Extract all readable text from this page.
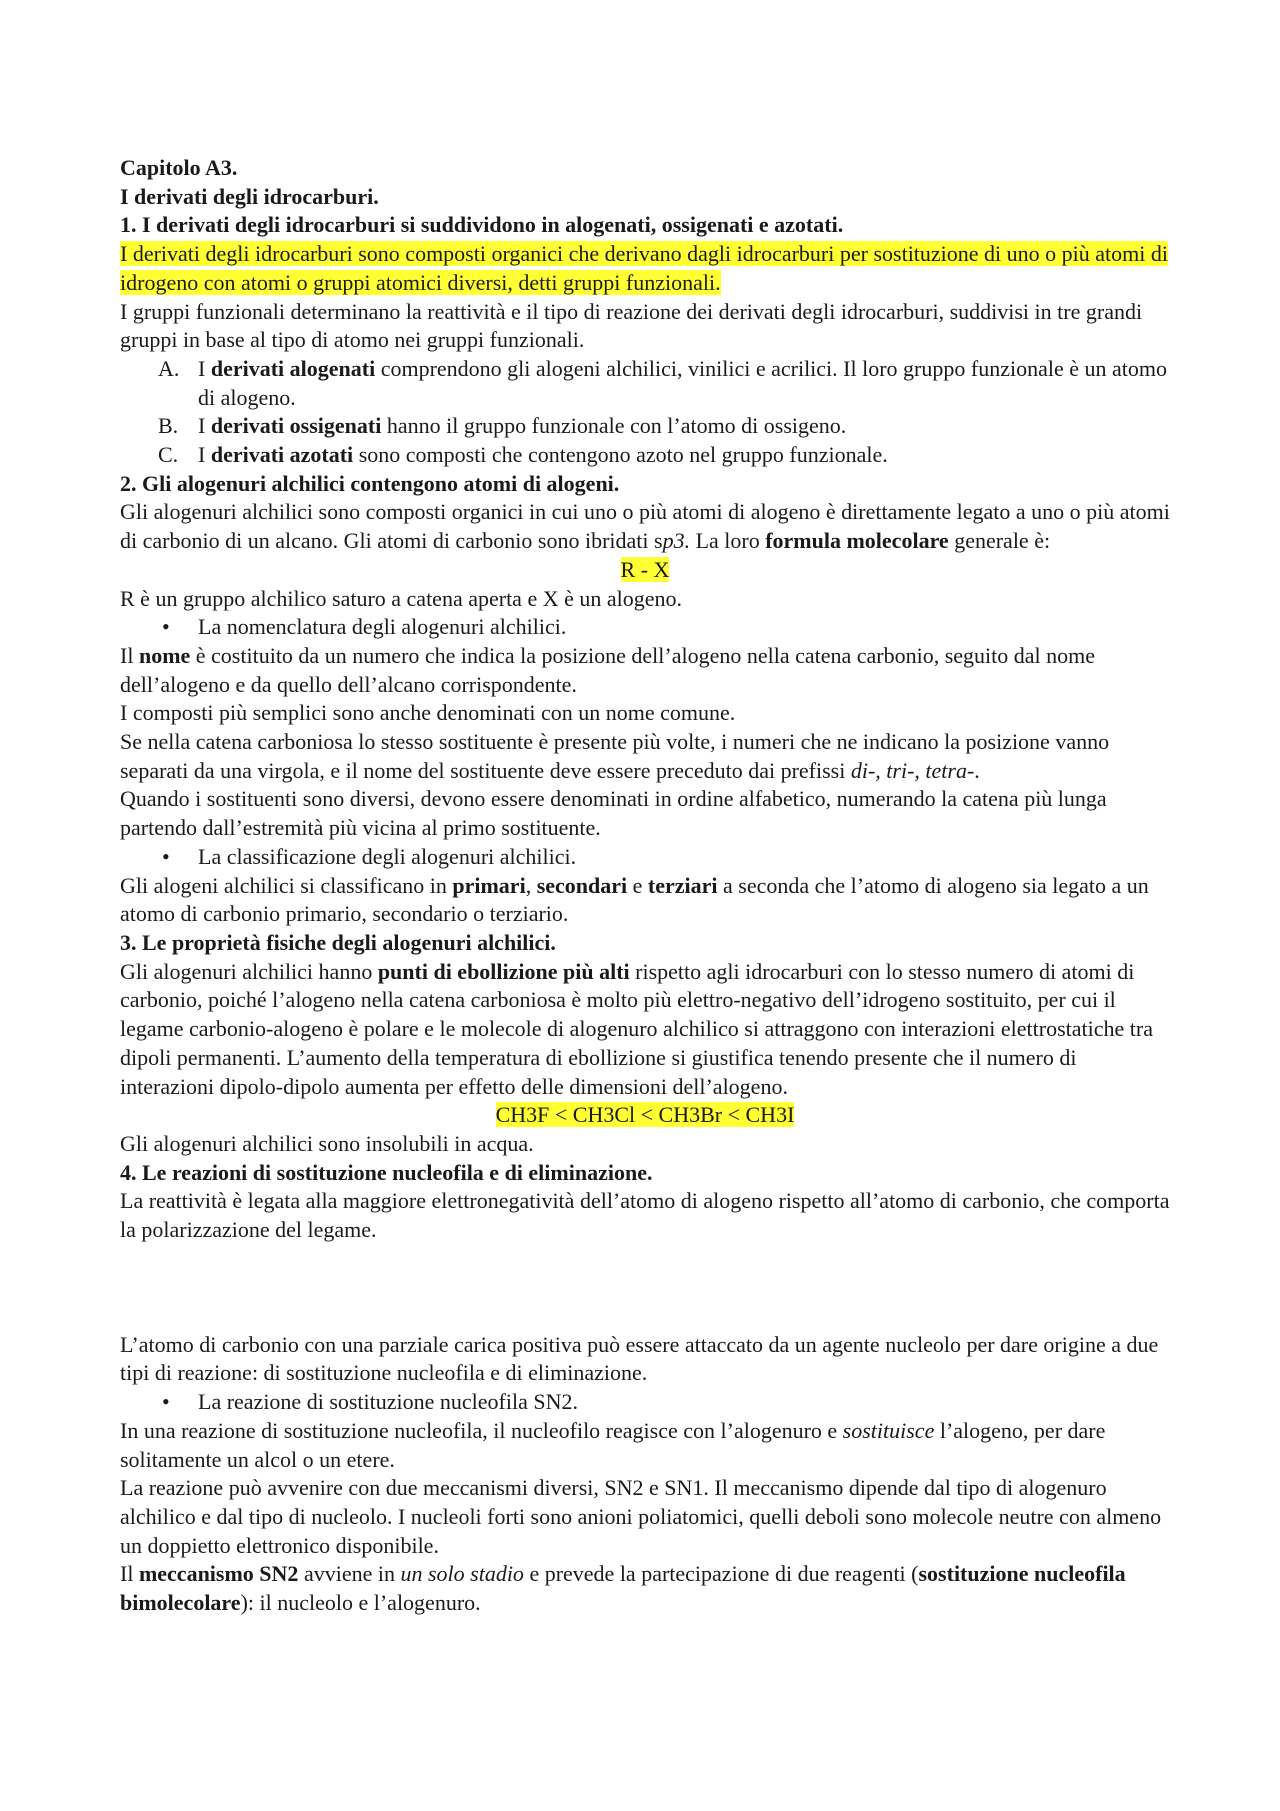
Capitolo A3.

I derivati degli idrocarburi.

1. I derivati degli idrocarburi si suddividono in alogenati, ossigenati e azotati.

I derivati degli idrocarburi sono composti organici che derivano dagli idrocarburi per sostituzione di uno o più atomi di idrogeno con atomi o gruppi atomici diversi, detti gruppi funzionali.

I gruppi funzionali determinano la reattività e il tipo di reazione dei derivati degli idrocarburi, suddivisi in tre grandi gruppi in base al tipo di atomo nei gruppi funzionali.

A. I derivati alogenati comprendono gli alogeni alchilici, vinilici e acrilici. Il loro gruppo funzionale è un atomo di alogeno.

B. I derivati ossigenati hanno il gruppo funzionale con l’atomo di ossigeno.

C. I derivati azotati sono composti che contengono azoto nel gruppo funzionale.

2. Gli alogenuri alchilici contengono atomi di alogeni.

Gli alogenuri alchilici sono composti organici in cui uno o più atomi di alogeno è direttamente legato a uno o più atomi di carbonio di un alcano. Gli atomi di carbonio sono ibridati sp3. La loro formula molecolare generale è:

R - X

R è un gruppo alchilico saturo a catena aperta e X è un alogeno.

• La nomenclatura degli alogenuri alchilici.

Il nome è costituito da un numero che indica la posizione dell’alogeno nella catena carbonio, seguito dal nome dell’alogeno e da quello dell’alcano corrispondente.

I composti più semplici sono anche denominati con un nome comune.

Se nella catena carboniosa lo stesso sostituente è presente più volte, i numeri che ne indicano la posizione vanno separati da una virgola, e il nome del sostituente deve essere preceduto dai prefissi di-, tri-, tetra-.

Quando i sostituenti sono diversi, devono essere denominati in ordine alfabetico, numerando la catena più lunga partendo dall’estremità più vicina al primo sostituente.

• La classificazione degli alogenuri alchilici.

Gli alogeni alchilici si classificano in primari, secondari e terziari a seconda che l’atomo di alogeno sia legato a un atomo di carbonio primario, secondario o terziario.

3. Le proprietà fisiche degli alogenuri alchilici.

Gli alogenuri alchilici hanno punti di ebollizione più alti rispetto agli idrocarburi con lo stesso numero di atomi di carbonio, poiché l’alogeno nella catena carboniosa è molto più elettro-negativo dell’idrogeno sostituito, per cui il legame carbonio-alogeno è polare e le molecole di alogenuro alchilico si attraggono con interazioni elettrostatiche tra dipoli permanenti. L’aumento della temperatura di ebollizione si giustifica tenendo presente che il numero di interazioni dipolo-dipolo aumenta per effetto delle dimensioni dell’alogeno.

CH3F < CH3Cl < CH3Br < CH3I

Gli alogenuri alchilici sono insolubili in acqua.

4. Le reazioni di sostituzione nucleofila e di eliminazione.

La reattività è legata alla maggiore elettronegatività dell’atomo di alogeno rispetto all’atomo di carbonio, che comporta la polarizzazione del legame.

L’atomo di carbonio con una parziale carica positiva può essere attaccato da un agente nucleolo per dare origine a due tipi di reazione: di sostituzione nucleofila e di eliminazione.

• La reazione di sostituzione nucleofila SN2.

In una reazione di sostituzione nucleofila, il nucleofilo reagisce con l’alogenuro e sostituisce l’alogeno, per dare solitamente un alcol o un etere.

La reazione può avvenire con due meccanismi diversi, SN2 e SN1. Il meccanismo dipende dal tipo di alogenuro alchilico e dal tipo di nucleolo. I nucleoli forti sono anioni poliatomici, quelli deboli sono molecole neutre con almeno un doppietto elettronico disponibile.

Il meccanismo SN2 avviene in un solo stadio e prevede la partecipazione di due reagenti (sostituzione nucleofila bimolecolare): il nucleolo e l’alogenuro.
